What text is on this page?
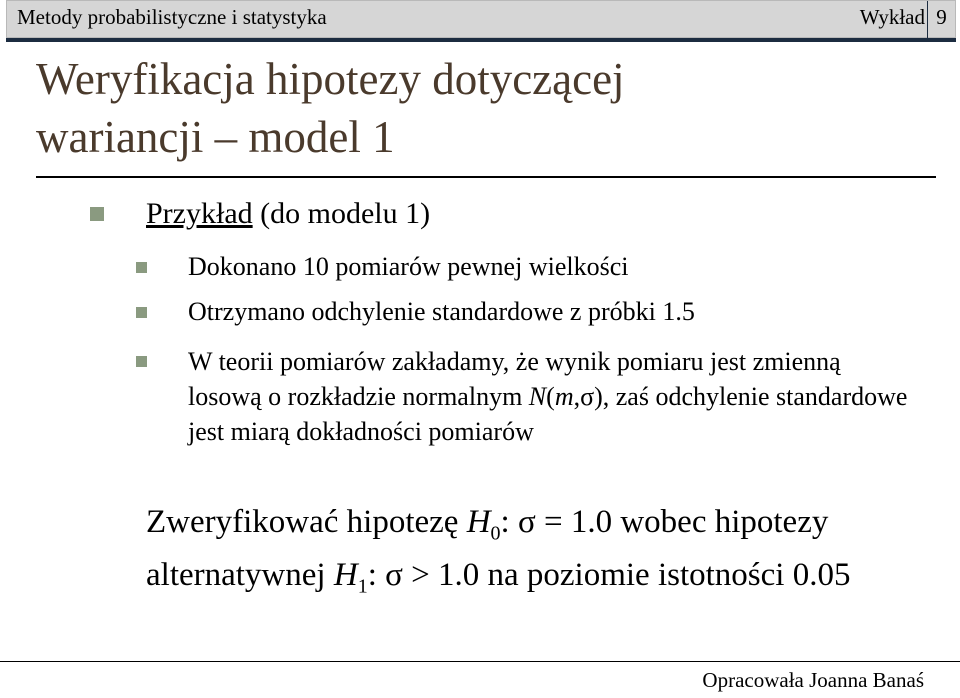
Metody probabilistyczne i statystyka	Wykład 9
Weryfikacja hipotezy dotyczącej
wariancji – model 1
Przykład (do modelu 1)
Dokonano 10 pomiarów pewnej wielkości
Otrzymano odchylenie standardowe z próbki 1.5
W teorii pomiarów zakładamy, że wynik pomiaru jest zmienną losową o rozkładzie normalnym N(m,σ), zaś odchylenie standardowe jest miarą dokładności pomiarów
Zweryfikować hipotezę $H_0$: σ = 1.0 wobec hipotezy alternatywnej $H_1$: σ > 1.0 na poziomie istotności 0.05
Opracowała Joanna Banaś
